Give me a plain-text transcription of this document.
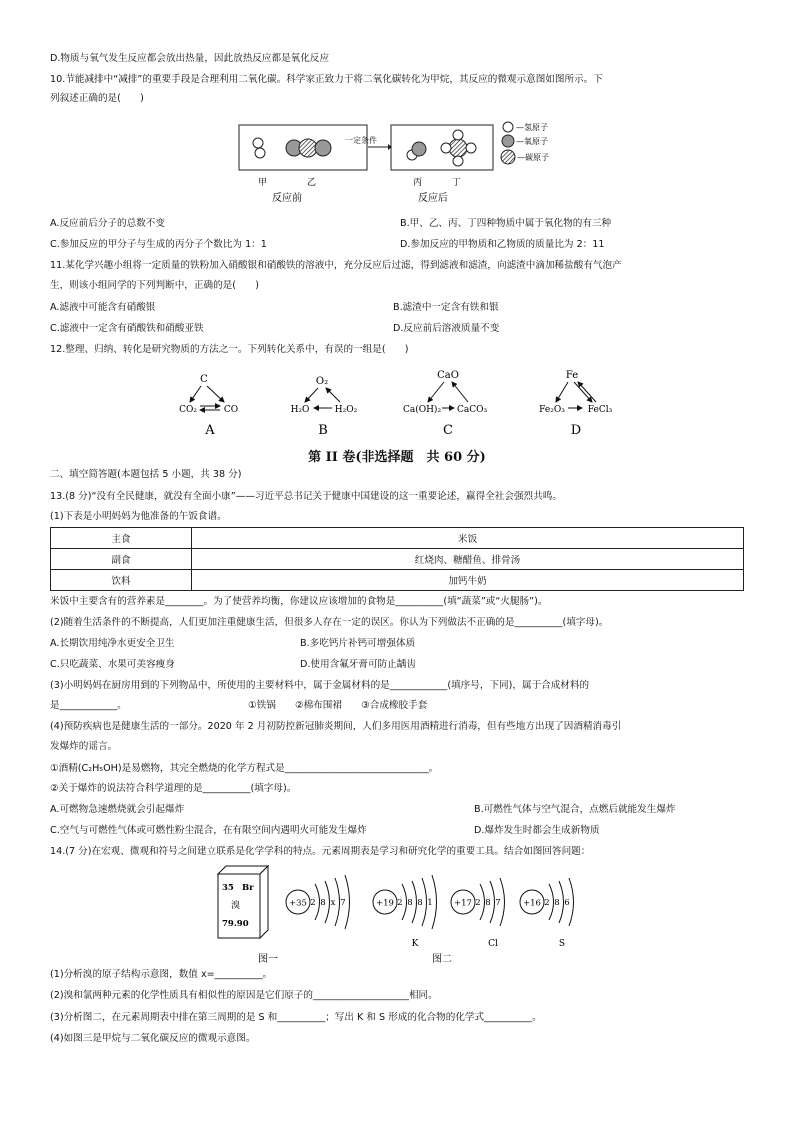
D.物质与氧气发生反应都会放出热量，因此放热反应都是氧化反应
10.节能减排中“减排”的重要手段是合理利用二氧化碳。科学家正致力于将二氧化碳转化为甲烷，其反应的微观示意图如图所示。下
列叙述正确的是(　　)
一定条件
—氢原子
—氧原子
—碳原子
甲	乙	丙	丁
反应前	反应后
A.反应前后分子的总数不变	B.甲、乙、丙、丁四种物质中属于氧化物的有三种
C.参加反应的甲分子与生成的丙分子个数比为 1：1	D.参加反应的甲物质和乙物质的质量比为 2：11
11.某化学兴趣小组将一定质量的铁粉加入硝酸银和硝酸铁的溶液中，充分反应后过滤，得到滤液和滤渣，向滤渣中滴加稀盐酸有气泡产
生，则该小组同学的下列判断中，正确的是(　　)
A.滤液中可能含有硝酸银	B.滤渣中一定含有铁和银
C.滤液中一定含有硝酸铁和硝酸亚铁	D.反应前后溶液质量不变
12.整理、归纳、转化是研究物质的方法之一。下列转化关系中，有误的一组是(　　)
C
CO₂	CO
A
O₂
H₂O	H₂O₂
B
CaO
Ca(OH)₂ CaCO₃
C
Fe
Fe₂O₃	FeCl₃
D
第 II 卷(非选择题　共 60 分)
二、填空简答题(本题包括 5 小题，共 38 分)
13.(8 分)“没有全民健康，就没有全面小康”——习近平总书记关于健康中国建设的这一重要论述，赢得全社会强烈共鸣。
(1)下表是小明妈妈为他准备的午饭食谱。
主食	米饭
副食	红烧肉、糖醋鱼、排骨汤
饮料	加钙牛奶
米饭中主要含有的营养素是________。为了使营养均衡，你建议应该增加的食物是__________(填“蔬菜”或“火腿肠”)。
(2)随着生活条件的不断提高，人们更加注重健康生活，但很多人存在一定的误区。你认为下列做法不正确的是__________(填字母)。
A.长期饮用纯净水更安全卫生	B.多吃钙片补钙可增强体质
C.只吃蔬菜、水果可美容瘦身	D.使用含氟牙膏可防止龋齿
(3)小明妈妈在厨房用到的下列物品中，所使用的主要材料中，属于金属材料的是____________(填序号，下同)，属于合成材料的
是____________。	①铁锅　　②棉布围裙　　③合成橡胶手套
(4)预防疾病也是健康生活的一部分。2020 年 2 月初防控新冠肺炎期间，人们多用医用酒精进行消毒，但有些地方出现了因酒精消毒引
发爆炸的谣言。
①酒精(C₂H₅OH)是易燃物，其完全燃烧的化学方程式是______________________________。
②关于爆炸的说法符合科学道理的是__________(填字母)。
A.可燃物急速燃烧就会引起爆炸	B.可燃性气体与空气混合，点燃后就能发生爆炸
C.空气与可燃性气体或可燃性粉尘混合，在有限空间内遇明火可能发生爆炸	D.爆炸发生时都会生成新物质
14.(7 分)在宏观、微观和符号之间建立联系是化学学科的特点。元素周期表是学习和研究化学的重要工具。结合如图回答问题：
35 Br
溴
79.90
图一
+35 2 8 x 7	+19 2 8 8 1
K
+17 2 8 7
Cl
+16 2 8 6
S
图二
(1)分析溴的原子结构示意图，数值 x=__________。
(2)溴和氯两种元素的化学性质具有相似性的原因是它们原子的____________________相同。
(3)分析图二，在元素周期表中排在第三周期的是 S 和__________；写出 K 和 S 形成的化合物的化学式__________。
(4)如图三是甲烷与二氧化碳反应的微观示意图。
